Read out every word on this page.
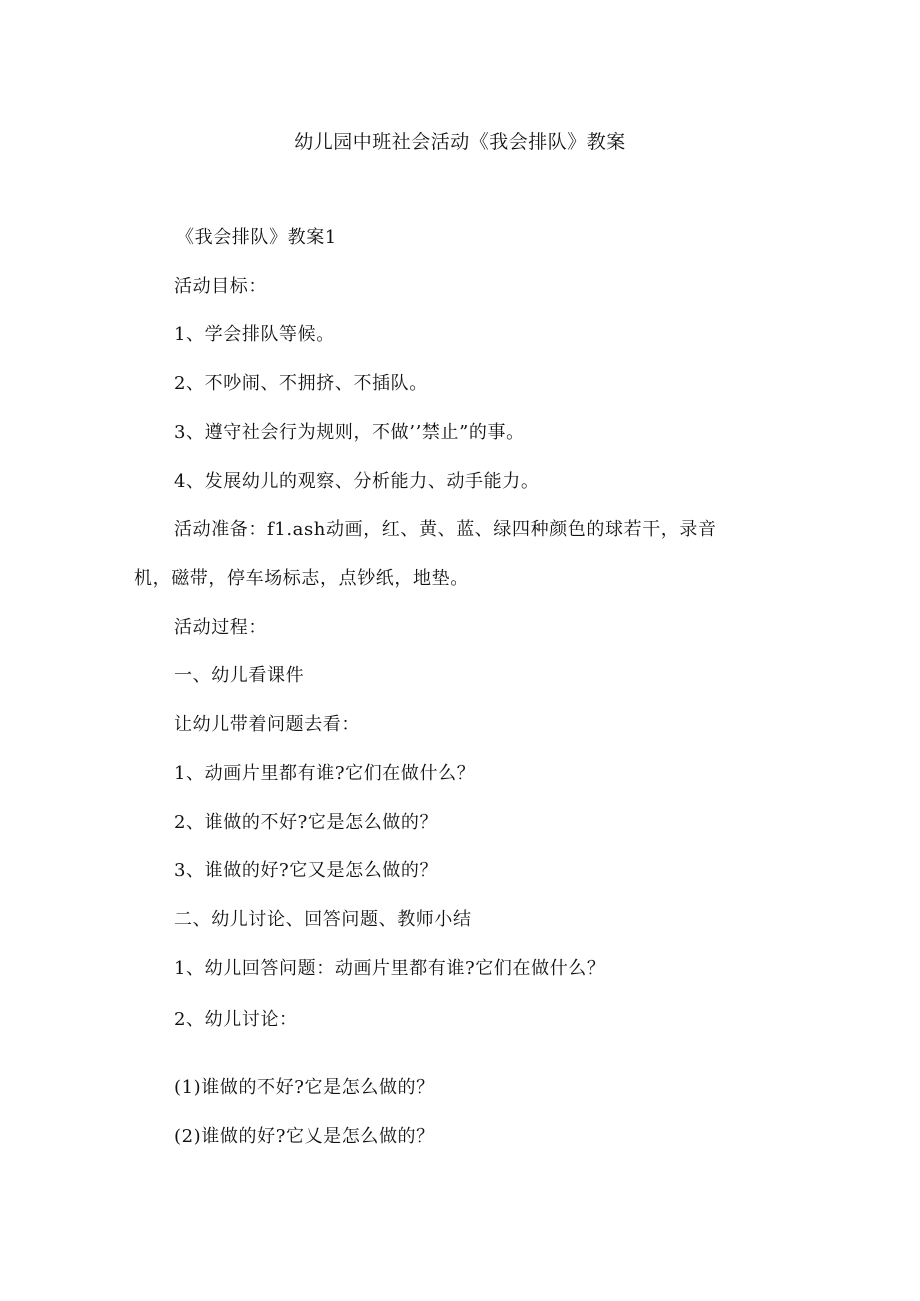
幼儿园中班社会活动《我会排队》教案
《我会排队》教案1
活动目标：
1、学会排队等候。
2、不吵闹、不拥挤、不插队。
3、遵守社会行为规则，不做’’禁止”的事。
4、发展幼儿的观察、分析能力、动手能力。
活动准备：f1.ash动画，红、黄、蓝、绿四种颜色的球若干，录音
机，磁带，停车场标志，点钞纸，地垫。
活动过程：
一、幼儿看课件
让幼儿带着问题去看：
1、动画片里都有谁?它们在做什么？
2、谁做的不好?它是怎么做的？
3、谁做的好?它又是怎么做的？
二、幼儿讨论、回答问题、教师小结
1、幼儿回答问题：动画片里都有谁?它们在做什么？
2、幼儿讨论：
(1)谁做的不好?它是怎么做的？
(2)谁做的好?它乂是怎么做的？
